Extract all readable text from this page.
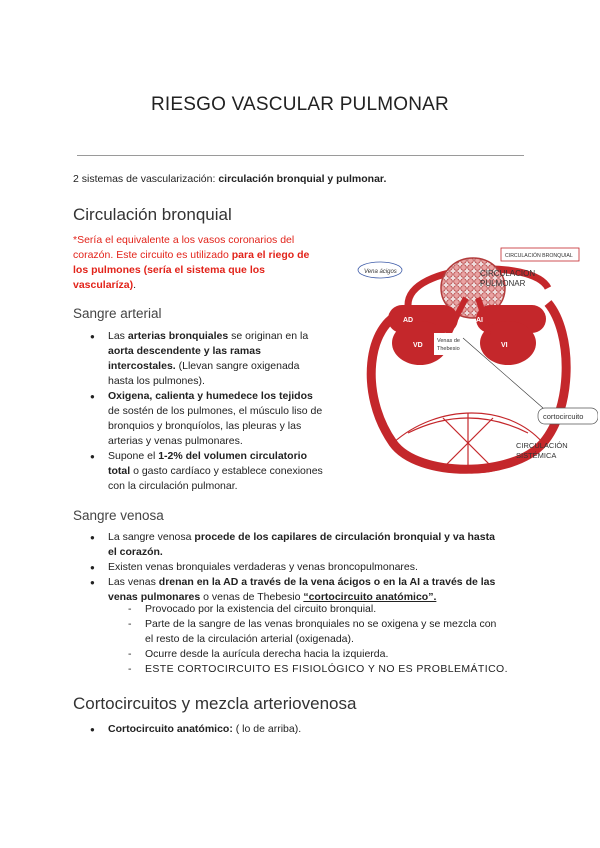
RIESGO VASCULAR PULMONAR
2 sistemas de vascularización: circulación bronquial y pulmonar.
Circulación bronquial
*Sería el equivalente a los vasos coronarios del
corazón. Este circuito es utilizado para el riego de
los pulmones (sería el sistema que los
vascularíza).
Sangre arterial
● Las arterias bronquiales se originan en la
aorta descendente y las ramas
intercostales. (Llevan sangre oxigenada
hasta los pulmones).
● Oxigena, calienta y humedece los tejidos
de sostén de los pulmones, el músculo liso de
bronquios y bronquíolos, las pleuras y las
arterias y venas pulmonares.
● Supone el 1-2% del volumen circulatorio
total o gasto cardíaco y establece conexiones
con la circulación pulmonar.
CIRCULACIÓN BRONQUIAL
CIRCULACION
PULMONAR
Vena ácigos
AD	AI
VD	VI
Venas de
Thebesio
cortocircuito
CIRCULACIÓN
SISTÉMICA
Sangre venosa
● La sangre venosa procede de los capilares de circulación bronquial y va hasta
el corazón.
● Existen venas bronquiales verdaderas y venas broncopulmonares.
● Las venas drenan en la AD a través de la vena ácigos o en la AI a través de las
venas pulmonares o venas de Thebesio “cortocircuito anatómico”.
- Provocado por la existencia del circuito bronquial.
- Parte de la sangre de las venas bronquiales no se oxigena y se mezcla con
el resto de la circulación arterial (oxigenada).
- Ocurre desde la aurícula derecha hacia la izquierda.
- ESTE CORTOCIRCUITO ES FISIOLÓGICO Y NO ES PROBLEMÁTICO.
Cortocircuitos y mezcla arteriovenosa
● Cortocircuito anatómico: ( lo de arriba).
